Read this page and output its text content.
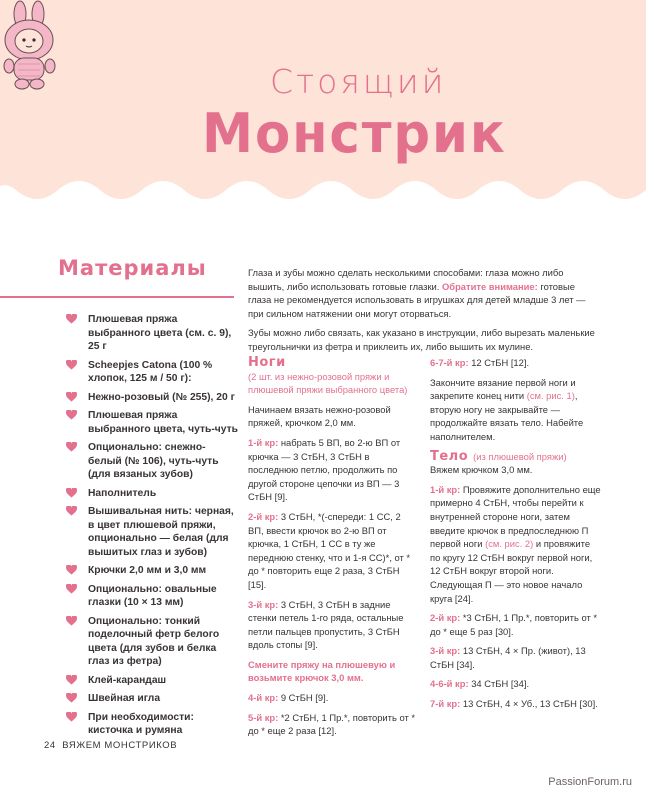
Стоящий
Монстрик
Материалы
Плюшевая пряжа выбранного цвета (см. с. 9), 25 г
Scheepjes Catona (100 % хлопок, 125 м / 50 г):
Нежно-розовый (№ 255), 20 г
Плюшевая пряжа выбранного цвета, чуть-чуть
Опционально: снежно-белый (№ 106), чуть-чуть (для вязаных зубов)
Наполнитель
Вышивальная нить: черная, в цвет плюшевой пряжи, опционально — белая (для вышитых глаз и зубов)
Крючки 2,0 мм и 3,0 мм
Опционально: овальные глазки (10 × 13 мм)
Опционально: тонкий поделочный фетр белого цвета (для зубов и белка глаз из фетра)
Клей-карандаш
Швейная игла
При необходимости: кисточка и румяна

Глаза и зубы можно сделать несколькими способами: глаза можно либо вышить, либо использовать готовые глазки. Обратите внимание: готовые глаза не рекомендуется использовать в игрушках для детей младше 3 лет — при сильном натяжении они могут оторваться.

Зубы можно либо связать, как указано в инструкции, либо вырезать маленькие треугольнички из фетра и приклеить их, либо вышить их мулине.

Ноги

(2 шт. из нежно-розовой пряжи и плюшевой пряжи выбранного цвета)

Начинаем вязать нежно-розовой пряжей, крючком 2,0 мм.

1-й кр: набрать 5 ВП, во 2-ю ВП от крючка — 3 СтБН, 3 СтБН в последнюю петлю, продолжить по другой стороне цепочки из ВП — 3 СтБН [9].

2-й кр: 3 СтБН, *(-спереди: 1 СС, 2 ВП, ввести крючок во 2-ю ВП от крючка, 1 СтБН, 1 СС в ту же переднюю стенку, что и 1-я СС)*, от * до * повторить еще 2 раза, 3 СтБН [15].

3-й кр: 3 СтБН, 3 СтБН в задние стенки петель 1-го ряда, остальные петли пальцев пропустить, 3 СтБН вдоль стопы [9].

Смените пряжу на плюшевую и возьмите крючок 3,0 мм.

4-й кр: 9 СтБН [9].

5-й кр: *2 СтБН, 1 Пр.*, повторить от * до * еще 2 раза [12].

6-7-й кр: 12 СтБН [12].

Закончите вязание первой ноги и закрепите конец нити (см. рис. 1), вторую ногу не закрывайте — продолжайте вязать тело. Набейте наполнителем.

Тело (из плюшевой пряжи)

Вяжем крючком 3,0 мм.

1-й кр: Провяжите дополнительно еще примерно 4 СтБН, чтобы перейти к внутренней стороне ноги, затем введите крючок в предпоследнюю П первой ноги (см. рис. 2) и провяжите по кругу 12 СтБН вокруг первой ноги, 12 СтБН вокруг второй ноги. Следующая П — это новое начало круга [24].

2-й кр: *3 СтБН, 1 Пр.*, повторить от * до * еще 5 раз [30].

3-й кр: 13 СтБН, 4 × Пр. (живот), 13 СтБН [34].

4-6-й кр: 34 СтБН [34].

7-й кр: 13 СтБН, 4 × Уб., 13 СтБН [30].

24 ВЯЖЕМ МОНСТРИКОВ
PassionForum.ru
